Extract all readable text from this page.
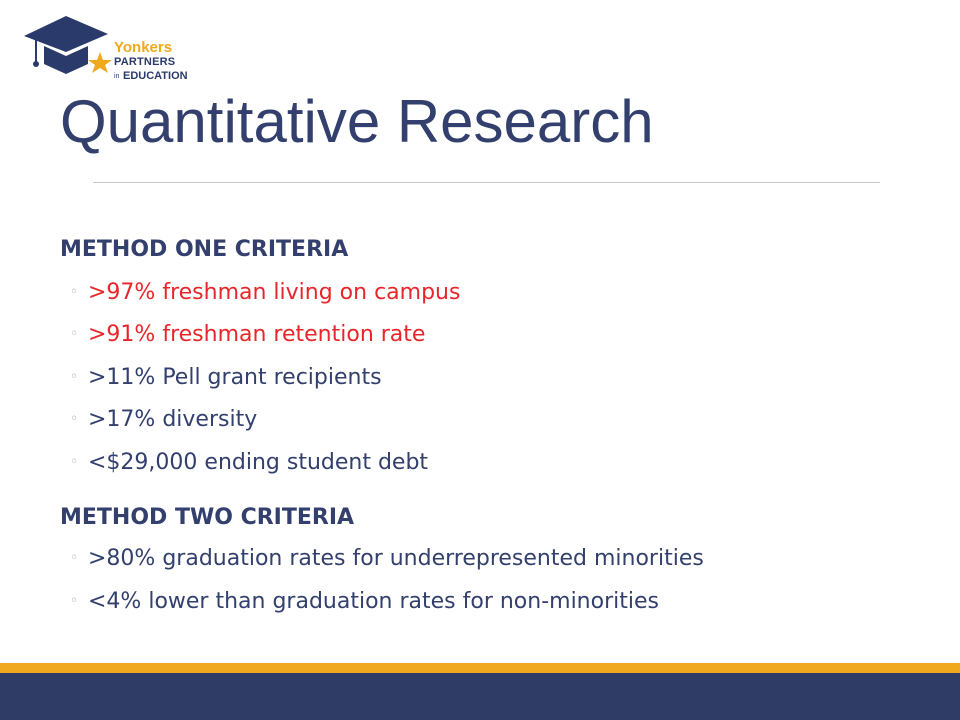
Yonkers
PARTNERS
in EDUCATION
Quantitative Research
METHOD ONE CRITERIA
◦ >97% freshman living on campus
◦ >91% freshman retention rate
◦ >11% Pell grant recipients
◦ >17% diversity
◦ <$29,000 ending student debt
METHOD TWO CRITERIA
◦ >80% graduation rates for underrepresented minorities
◦ <4% lower than graduation rates for non-minorities
